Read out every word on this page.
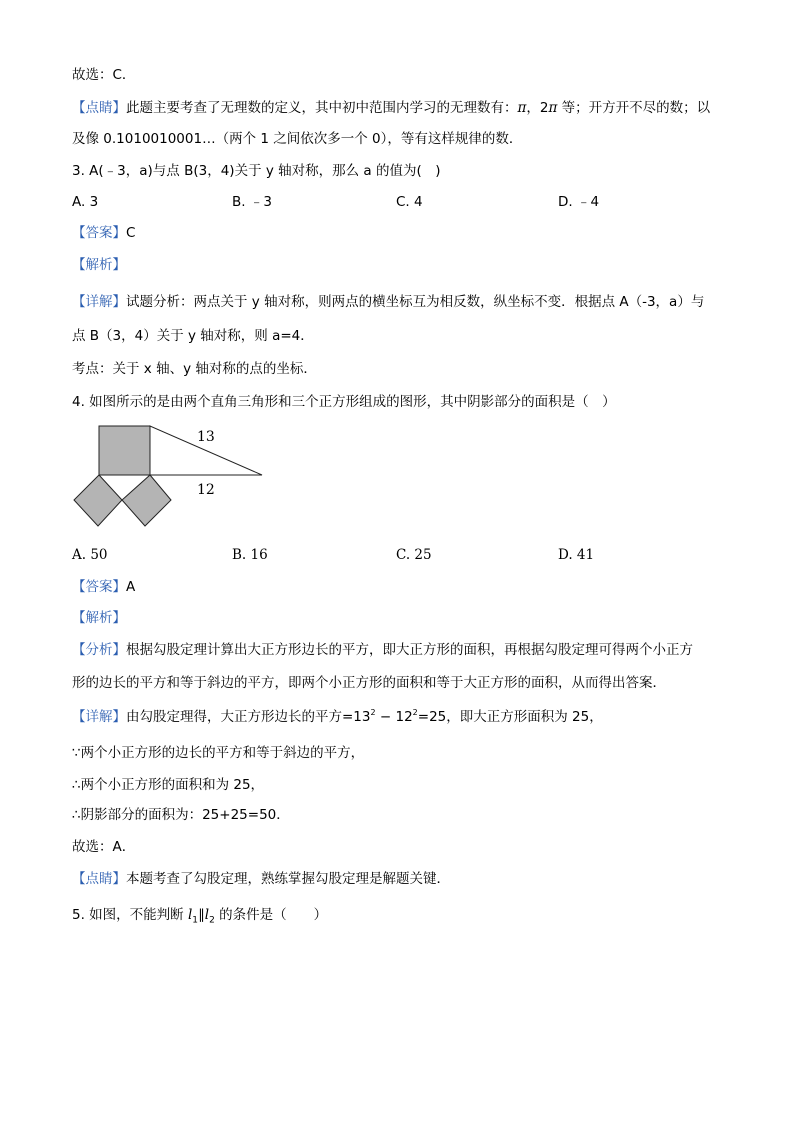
故选：C．
【点睛】此题主要考查了无理数的定义，其中初中范围内学习的无理数有：π，2π 等；开方开不尽的数；以
及像 0.1010010001…（两个 1 之间依次多一个 0），等有这样规律的数．
3. A(﹣3，a)与点 B(3，4)关于 y 轴对称，那么 a 的值为(　)
A. 3	B. ﹣3	C. 4	D. ﹣4
【答案】C
【解析】
【详解】试题分析：两点关于 y 轴对称，则两点的横坐标互为相反数，纵坐标不变．根据点 A（-3，a）与
点 B（3，4）关于 y 轴对称，则 a=4．
考点：关于 x 轴、y 轴对称的点的坐标．
4. 如图所示的是由两个直角三角形和三个正方形组成的图形，其中阴影部分的面积是（　）
13
12
A. 50	B. 16	C. 25	D. 41
【答案】A
【解析】
【分析】根据勾股定理计算出大正方形边长的平方，即大正方形的面积，再根据勾股定理可得两个小正方
形的边长的平方和等于斜边的平方，即两个小正方形的面积和等于大正方形的面积，从而得出答案．
【详解】由勾股定理得，大正方形边长的平方$=13^2 - 12^2=25$，即大正方形面积为 25，
∵两个小正方形的边长的平方和等于斜边的平方，
∴两个小正方形的面积和为 25，
∴阴影部分的面积为：25+25=50．
故选：A．
【点睛】本题考查了勾股定理，熟练掌握勾股定理是解题关键．
5. 如图，不能判断 $l_1\parallel l_2$ 的条件是（　　）
